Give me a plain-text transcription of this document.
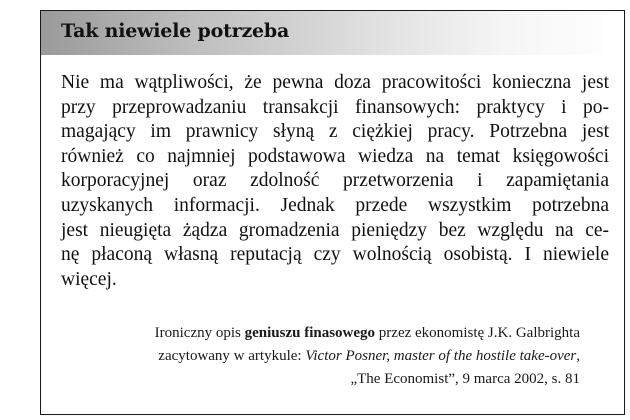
Tak niewiele potrzeba
Nie ma wątpliwości, że pewna doza pracowitości konieczna jest
przy przeprowadzaniu transakcji finansowych: praktycy i po-
magający im prawnicy słyną z ciężkiej pracy. Potrzebna jest
również co najmniej podstawowa wiedza na temat księgowości
korporacyjnej oraz zdolność przetworzenia i zapamiętania
uzyskanych informacji. Jednak przede wszystkim potrzebna
jest nieugięta żądza gromadzenia pieniędzy bez względu na ce-
nę płaconą własną reputacją czy wolnością osobistą. I niewiele
więcej.
Ironiczny opis geniuszu finasowego przez ekonomistę J.K. Galbrighta
zacytowany w artykule: Victor Posner, master of the hostile take-over,
„The Economist”, 9 marca 2002, s. 81
